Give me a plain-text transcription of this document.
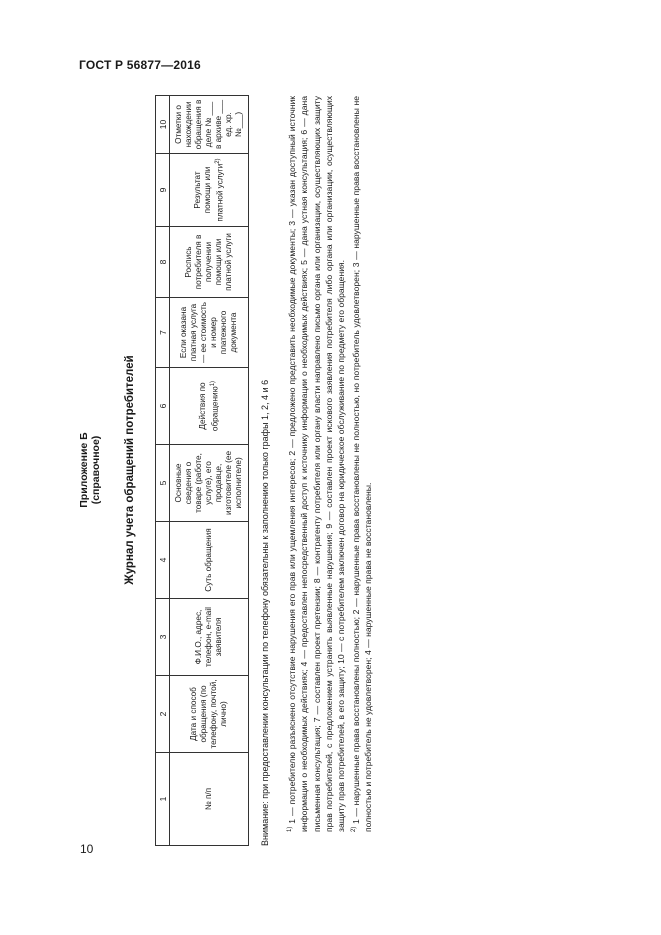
ГОСТ Р 56877—2016
Приложение Б (справочное) Журнал учета обращений потребителей
1	2	3	4	5	6	7	8	9	10
№ п/п	Дата и способ обращения (по телефону, почтой, лично)	Ф.И.О., адрес, телефон, e-mail заявителя	Суть обращения	Основные сведения о товаре (работе, услуге), его продавце, изготовителе (ее исполнителе)	Действия по обращению$^{1)}$	Если оказана платная услуга — ее стоимость и номер платежного документа	Роспись потребителя в получении помощи или платной услуги	Результат помощи или платной услуги$^{2)}$	Отметки о нахождении обращения в деле № ___ в архиве ___ ед. хр. №___)
Внимание: при предоставлении консультации по телефону обязательны к заполнению только графы 1, 2, 4 и 6	$^{1)}$ 1 — потребителю разъяснено отсутствие нарушения его прав или ущемления интересов; 2 — предложено представить необходимые документы; 3 — указан доступный источник информации о необходимых действиях; 4 — предоставлен непосредственный доступ к источнику информации о необходимых действиях; 5 — дана устная консультация; 6 — дана письменная консультация; 7 — составлен проект претензии; 8 — контрагенту потребителя или органу власти направлено письмо органа или организации, осуществляющих защиту прав потребителей, с предложением устранить выявленные нарушения; 9 — составлен проект искового заявления потребителя либо органа или организации, осуществляющих защиту прав потребителей, в его защиту; 10 — с потребителем заключен договор на юридическое обслуживание по предмету его обращения. $^{2)}$ 1 — нарушенные права восстановлены полностью; 2 — нарушенные права восстановлены не полностью, но потребитель удовлетворен; 3 — нарушенные права восстановлены не полностью и потребитель не удовлетворен; 4 — нарушенные права не восстановлены.

10
